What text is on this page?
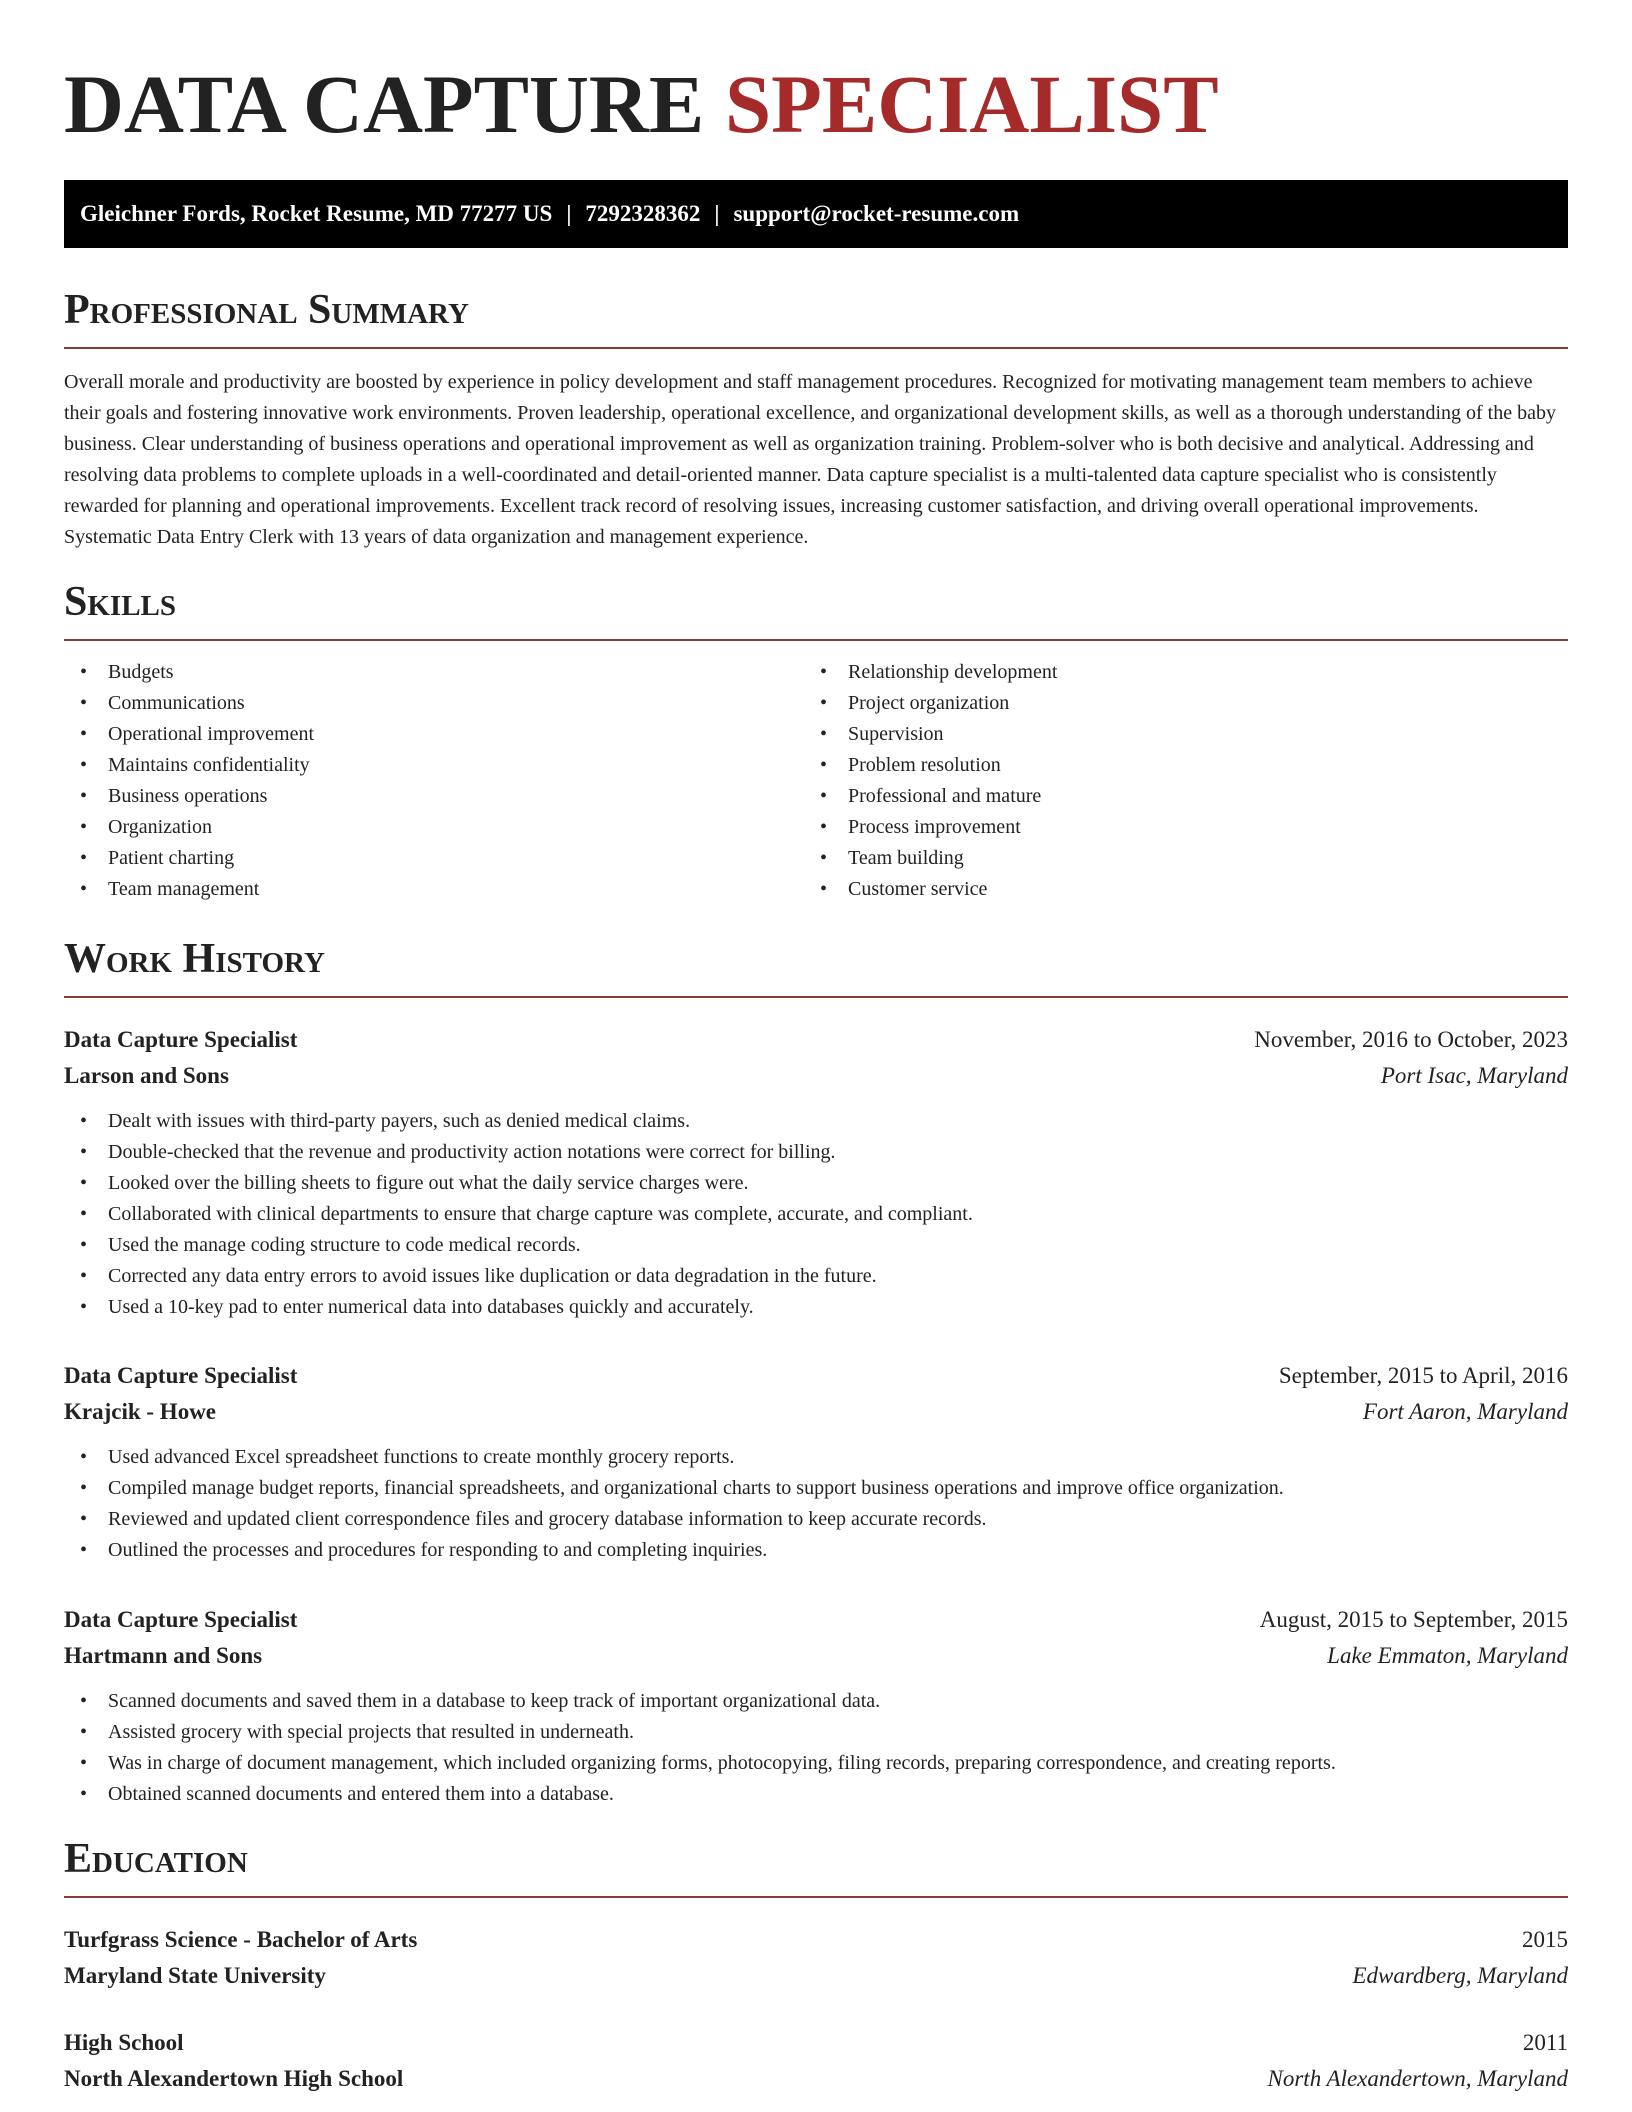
DATA CAPTURE SPECIALIST
Gleichner Fords, Rocket Resume, MD 77277 US | 7292328362 | support@rocket-resume.com
Professional Summary

Overall morale and productivity are boosted by experience in policy development and staff management procedures. Recognized for motivating management team members to achieve their goals and fostering innovative work environments. Proven leadership, operational excellence, and organizational development skills, as well as a thorough understanding of the baby business. Clear understanding of business operations and operational improvement as well as organization training. Problem-solver who is both decisive and analytical. Addressing and resolving data problems to complete uploads in a well-coordinated and detail-oriented manner. Data capture specialist is a multi-talented data capture specialist who is consistently rewarded for planning and operational improvements. Excellent track record of resolving issues, increasing customer satisfaction, and driving overall operational improvements. Systematic Data Entry Clerk with 13 years of data organization and management experience.

Skills
• Budgets
• Communications
• Operational improvement
• Maintains confidentiality
• Business operations
• Organization
• Patient charting
• Team management
• Relationship development
• Project organization
• Supervision
• Problem resolution
• Professional and mature
• Process improvement
• Team building
• Customer service
Work History
Data Capture Specialist	November, 2016 to October, 2023
Larson and Sons	Port Isac, Maryland
• Dealt with issues with third-party payers, such as denied medical claims.
• Double-checked that the revenue and productivity action notations were correct for billing.
• Looked over the billing sheets to figure out what the daily service charges were.
• Collaborated with clinical departments to ensure that charge capture was complete, accurate, and compliant.
• Used the manage coding structure to code medical records.
• Corrected any data entry errors to avoid issues like duplication or data degradation in the future.
• Used a 10-key pad to enter numerical data into databases quickly and accurately.
Data Capture Specialist	September, 2015 to April, 2016
Krajcik - Howe	Fort Aaron, Maryland
• Used advanced Excel spreadsheet functions to create monthly grocery reports.
• Compiled manage budget reports, financial spreadsheets, and organizational charts to support business operations and improve office organization.
• Reviewed and updated client correspondence files and grocery database information to keep accurate records.
• Outlined the processes and procedures for responding to and completing inquiries.
Data Capture Specialist	August, 2015 to September, 2015
Hartmann and Sons	Lake Emmaton, Maryland
• Scanned documents and saved them in a database to keep track of important organizational data.
• Assisted grocery with special projects that resulted in underneath.
• Was in charge of document management, which included organizing forms, photocopying, filing records, preparing correspondence, and creating reports.
• Obtained scanned documents and entered them into a database.
Education
Turfgrass Science - Bachelor of Arts	2015
Maryland State University	Edwardberg, Maryland
High School	2011
North Alexandertown High School	North Alexandertown, Maryland
